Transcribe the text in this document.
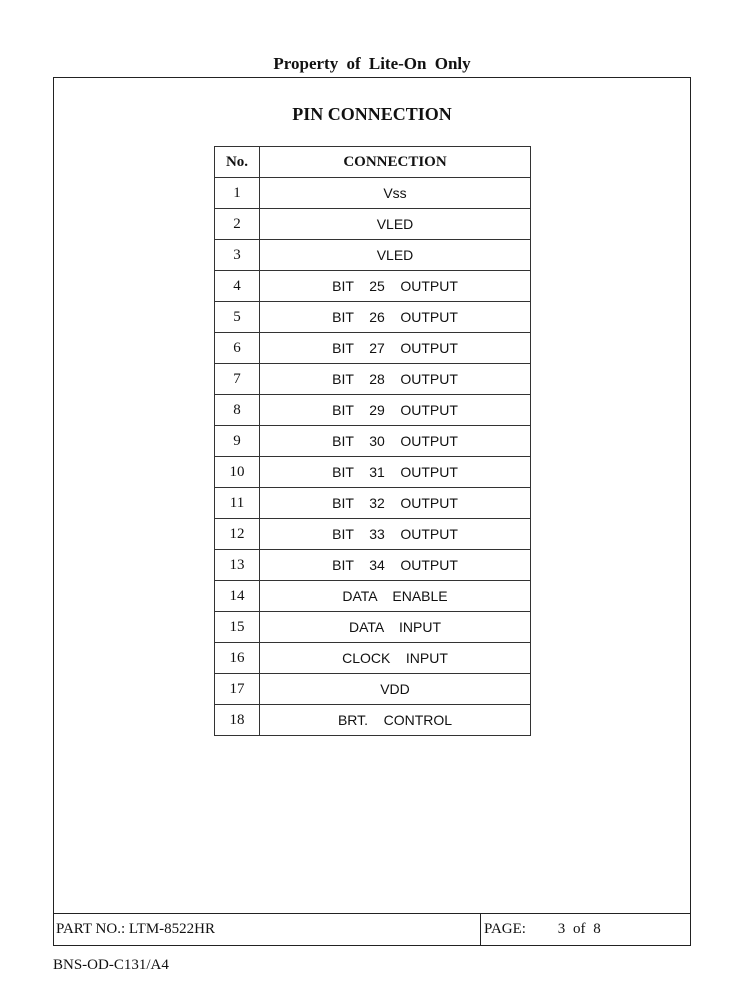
Property of Lite-On Only
PIN CONNECTION
No.	CONNECTION
1	Vss
2	VLED
3	VLED
4	BIT    25    OUTPUT
5	BIT    26    OUTPUT
6	BIT    27    OUTPUT
7	BIT    28    OUTPUT
8	BIT    29    OUTPUT
9	BIT    30    OUTPUT
10	BIT    31    OUTPUT
11	BIT    32    OUTPUT
12	BIT    33    OUTPUT
13	BIT    34    OUTPUT
14	DATA    ENABLE
15	DATA    INPUT
16	CLOCK    INPUT
17	VDD
18	BRT.    CONTROL
PART NO.: LTM-8522HR	PAGE: 3 of 8
BNS-OD-C131/A4
